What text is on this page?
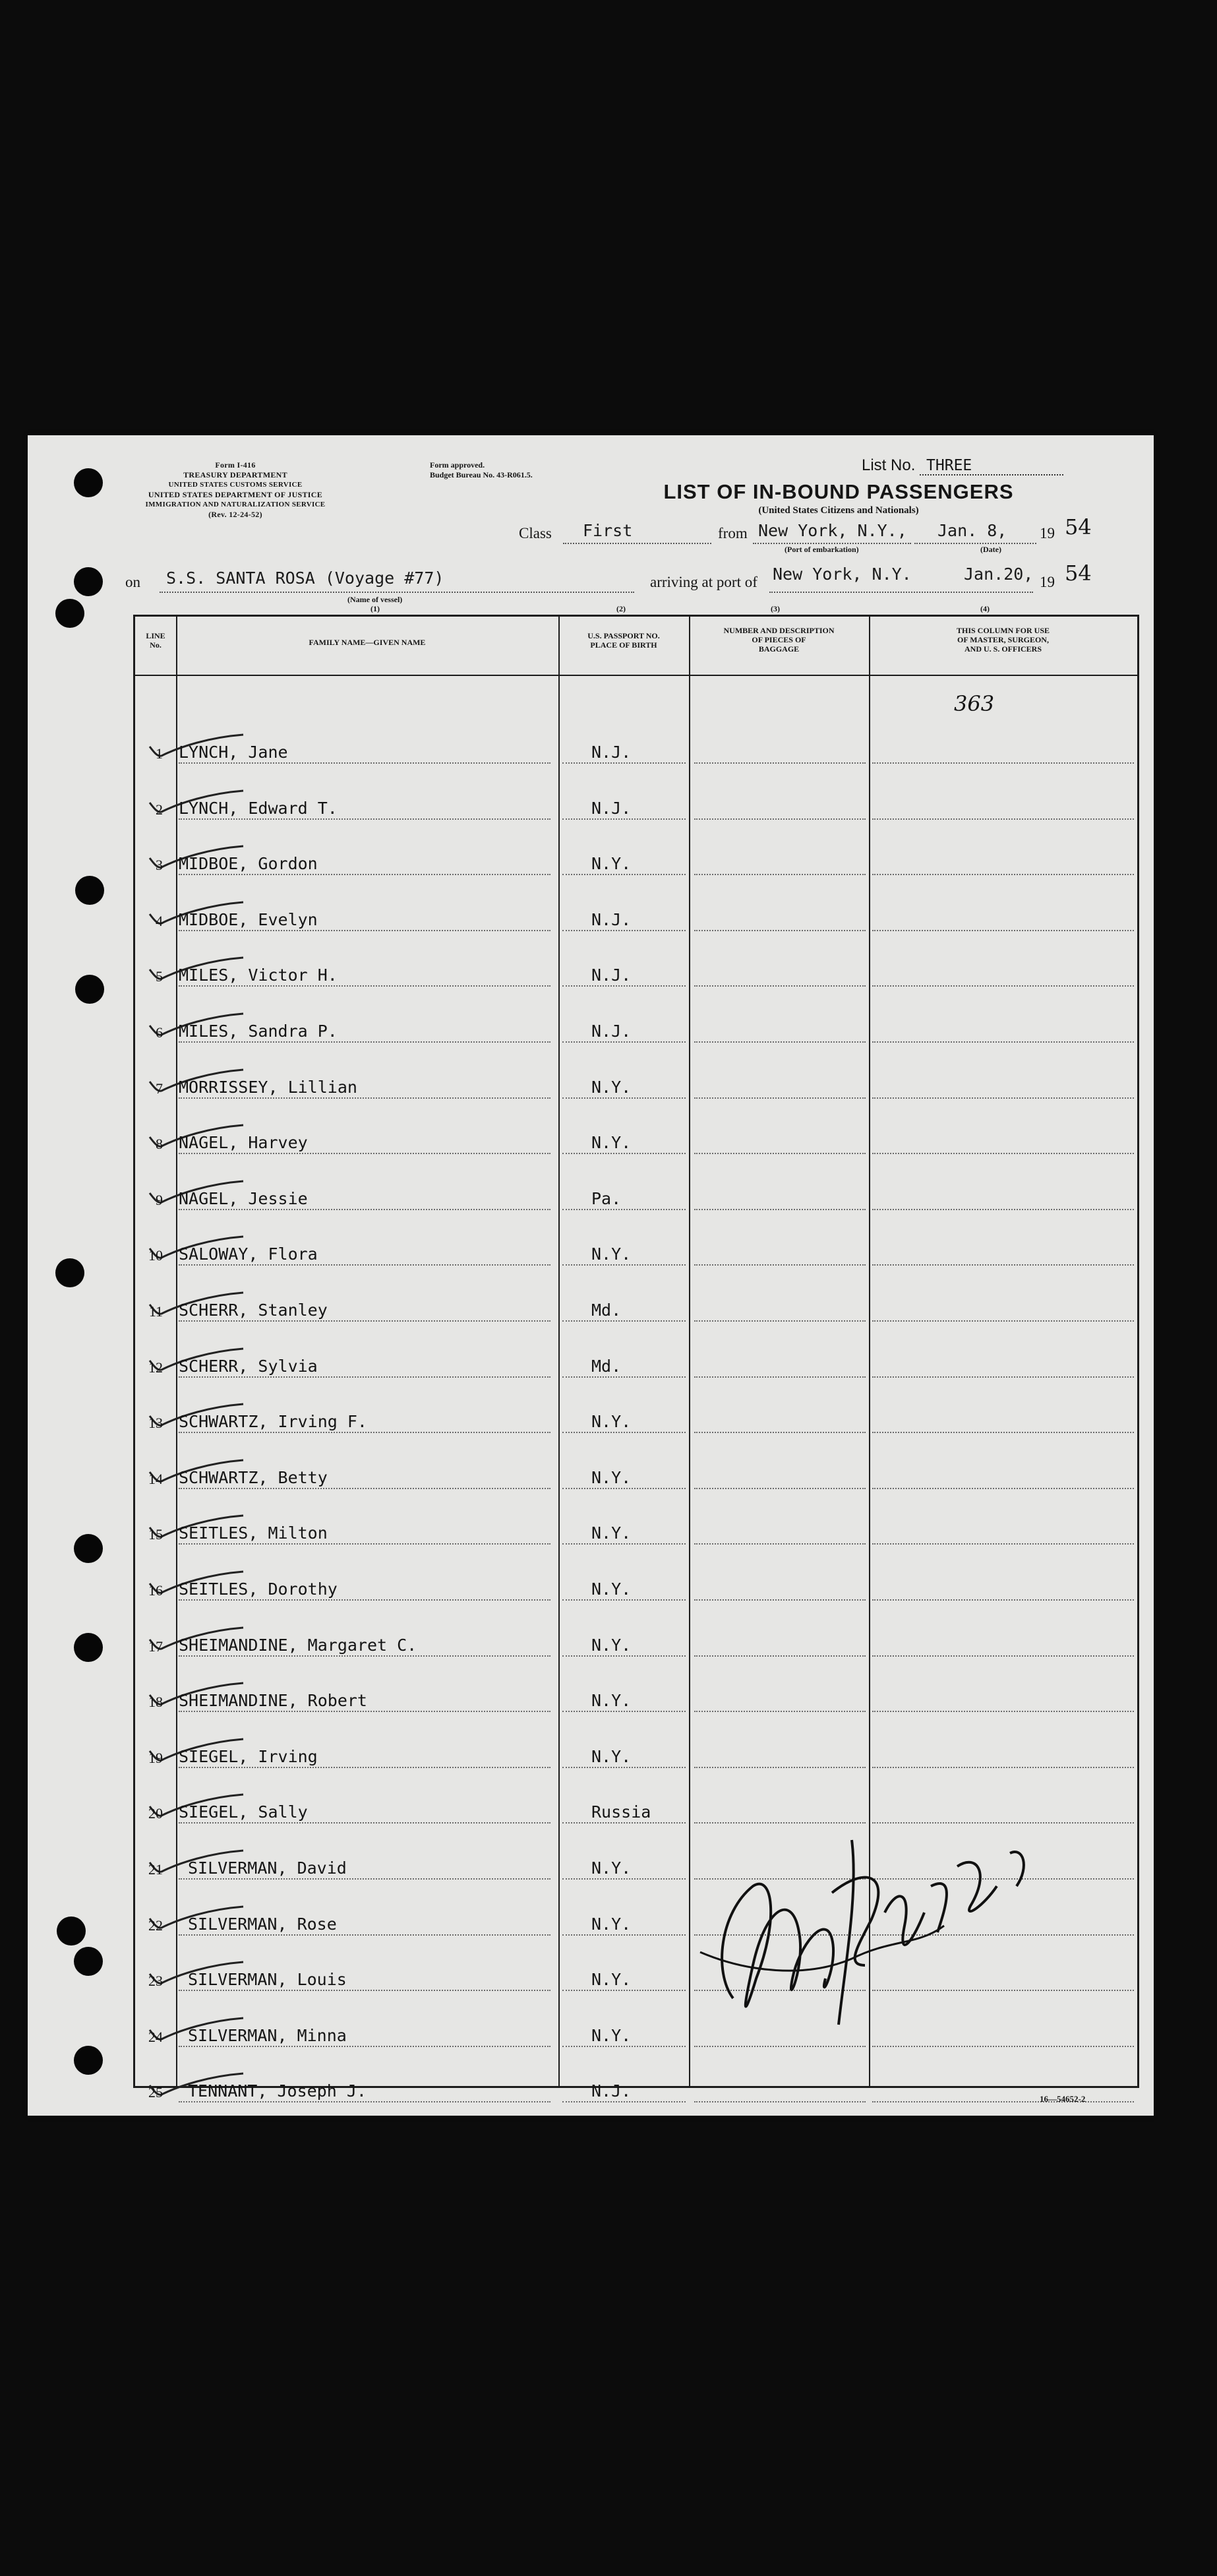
Form I-416
TREASURY DEPARTMENT
UNITED STATES CUSTOMS SERVICE
UNITED STATES DEPARTMENT OF JUSTICE
IMMIGRATION AND NATURALIZATION SERVICE
(Rev. 12-24-52)
Form approved.
Budget Bureau No. 43-R061.5.
List No. THREE
LIST OF IN-BOUND PASSENGERS
(United States Citizens and Nationals)
Class First	from New York, N.Y.,
(Port of embarkation)
Jan. 8,
(Date)
19 54
on S.S. SANTA ROSA (Voyage #77)
(Name of vessel)
(1)
arriving at port of New York, N.Y.	Jan.20, 19 54
(2)	(3)	(4)
LINE
No.	FAMILY NAME—GIVEN NAME
U.S. PASSPORT NO.
PLACE OF BIRTH
NUMBER AND DESCRIPTION
OF PIECES OF
BAGGAGE
THIS COLUMN FOR USE
OF MASTER, SURGEON,
AND U. S. OFFICERS
1 LYNCH, Jane	N.J.
2 LYNCH, Edward T.	N.J.
3 MIDBOE, Gordon	N.Y.
4 MIDBOE, Evelyn	N.J.
5 MILES, Victor H.	N.J.
6 MILES, Sandra P.	N.J.
7 MORRISSEY, Lillian	N.Y.
8 NAGEL, Harvey	N.Y.
9 NAGEL, Jessie	Pa.
10 SALOWAY, Flora	N.Y.
11 SCHERR, Stanley	Md.
12 SCHERR, Sylvia	Md.
13 SCHWARTZ, Irving F.	N.Y.
14 SCHWARTZ, Betty	N.Y.
15 SEITLES, Milton	N.Y.
16 SEITLES, Dorothy	N.Y.
17 SHEIMANDINE, Margaret C.	N.Y.
18 SHEIMANDINE, Robert	N.Y.
19 SIEGEL, Irving	N.Y.
20 SIEGEL, Sally	Russia
21 SILVERMAN, David	N.Y.
22 SILVERMAN, Rose	N.Y.
23 SILVERMAN, Louis	N.Y.
24 SILVERMAN, Minna	N.Y.
25 TENNANT, Joseph J.	N.J.
363
16—54652-2
